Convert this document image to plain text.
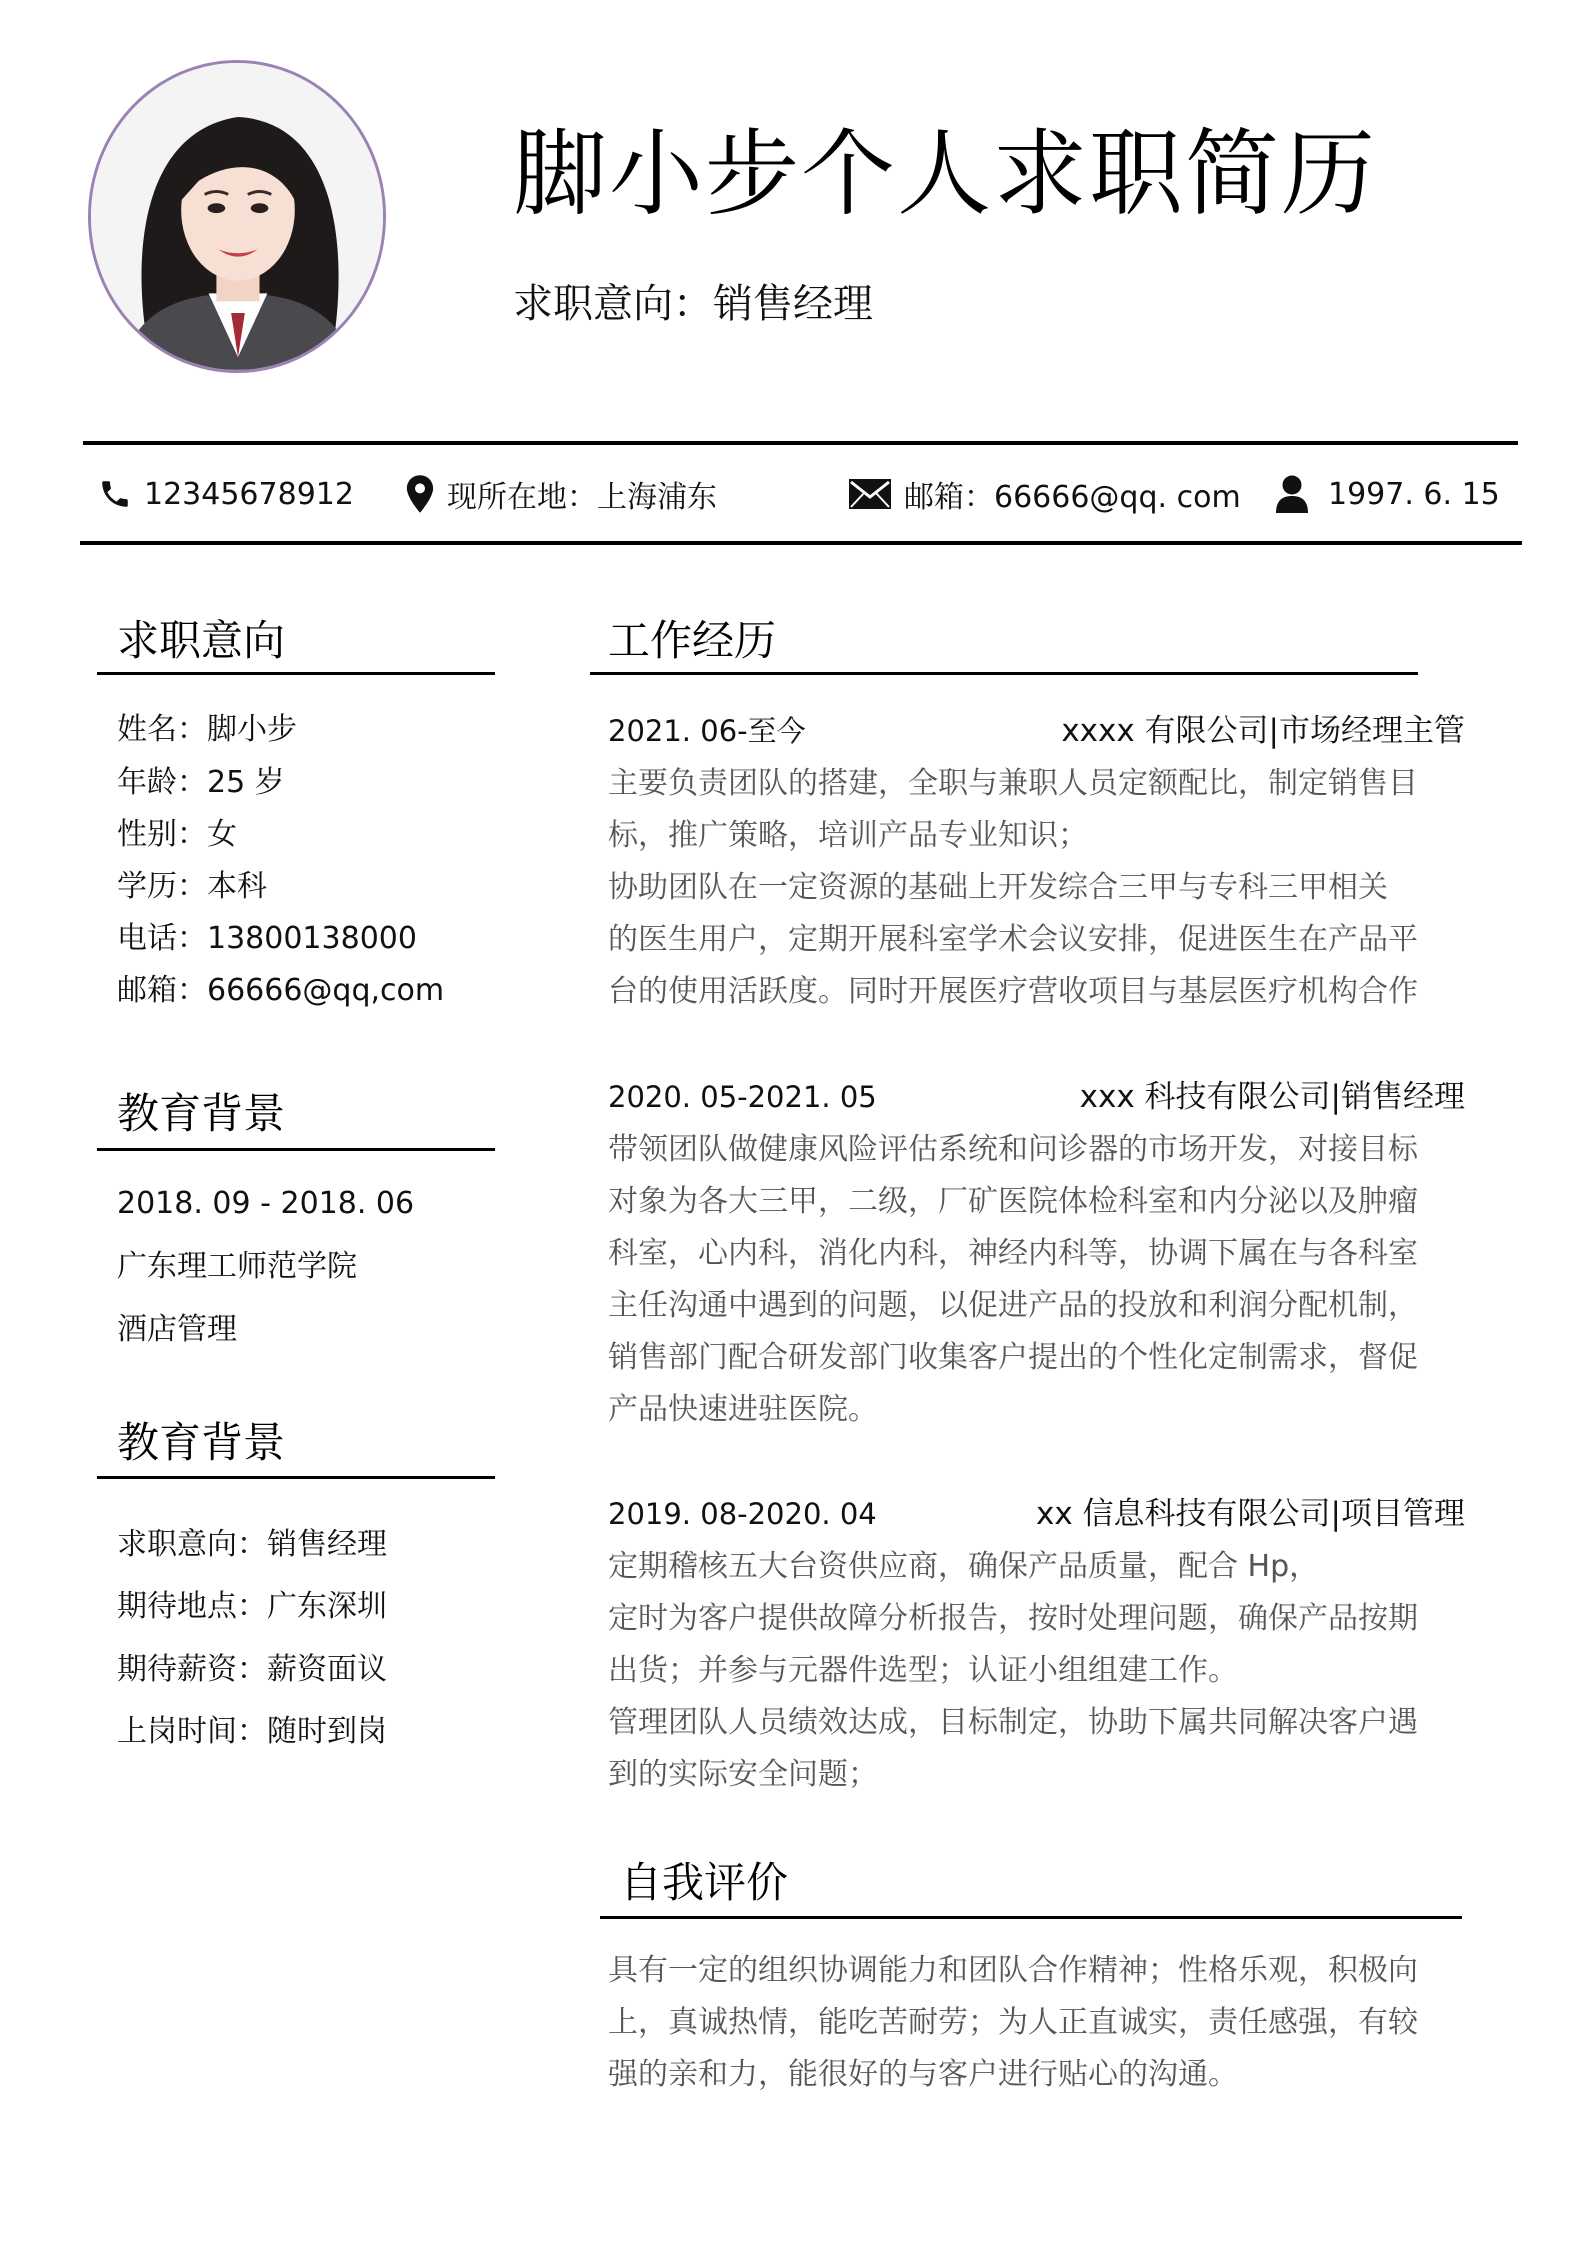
脚小步个人求职简历
求职意向：销售经理
12345678912	现所在地：上海浦东	邮箱：66666@qq. com	1997. 6. 15
求职意向
姓名：脚小步
年龄：25 岁
性别：女
学历：本科
电话：13800138000
邮箱：66666@qq,com
教育背景
2018. 09 - 2018. 06
广东理工师范学院
酒店管理
教育背景
求职意向：销售经理
期待地点：广东深圳
期待薪资：薪资面议
上岗时间：随时到岗
工作经历
2021. 06-至今	xxxx 有限公司|市场经理主管
主要负责团队的搭建，全职与兼职人员定额配比，制定销售目
标，推广策略，培训产品专业知识；
协助团队在一定资源的基础上开发综合三甲与专科三甲相关
的医生用户，定期开展科室学术会议安排，促进医生在产品平
台的使用活跃度。同时开展医疗营收项目与基层医疗机构合作
2020. 05-2021. 05	xxx 科技有限公司|销售经理
带领团队做健康风险评估系统和问诊器的市场开发，对接目标
对象为各大三甲，二级，厂矿医院体检科室和内分泌以及肿瘤
科室，心内科，消化内科，神经内科等，协调下属在与各科室
主任沟通中遇到的问题，以促进产品的投放和利润分配机制，
销售部门配合研发部门收集客户提出的个性化定制需求，督促
产品快速进驻医院。
2019. 08-2020. 04	xx 信息科技有限公司|项目管理
定期稽核五大台资供应商，确保产品质量，配合 Hp，
定时为客户提供故障分析报告，按时处理问题，确保产品按期
出货；并参与元器件选型；认证小组组建工作。
管理团队人员绩效达成，目标制定，协助下属共同解决客户遇
到的实际安全问题；
自我评价
具有一定的组织协调能力和团队合作精神；性格乐观，积极向
上，真诚热情，能吃苦耐劳；为人正直诚实，责任感强，有较
强的亲和力，能很好的与客户进行贴心的沟通。
